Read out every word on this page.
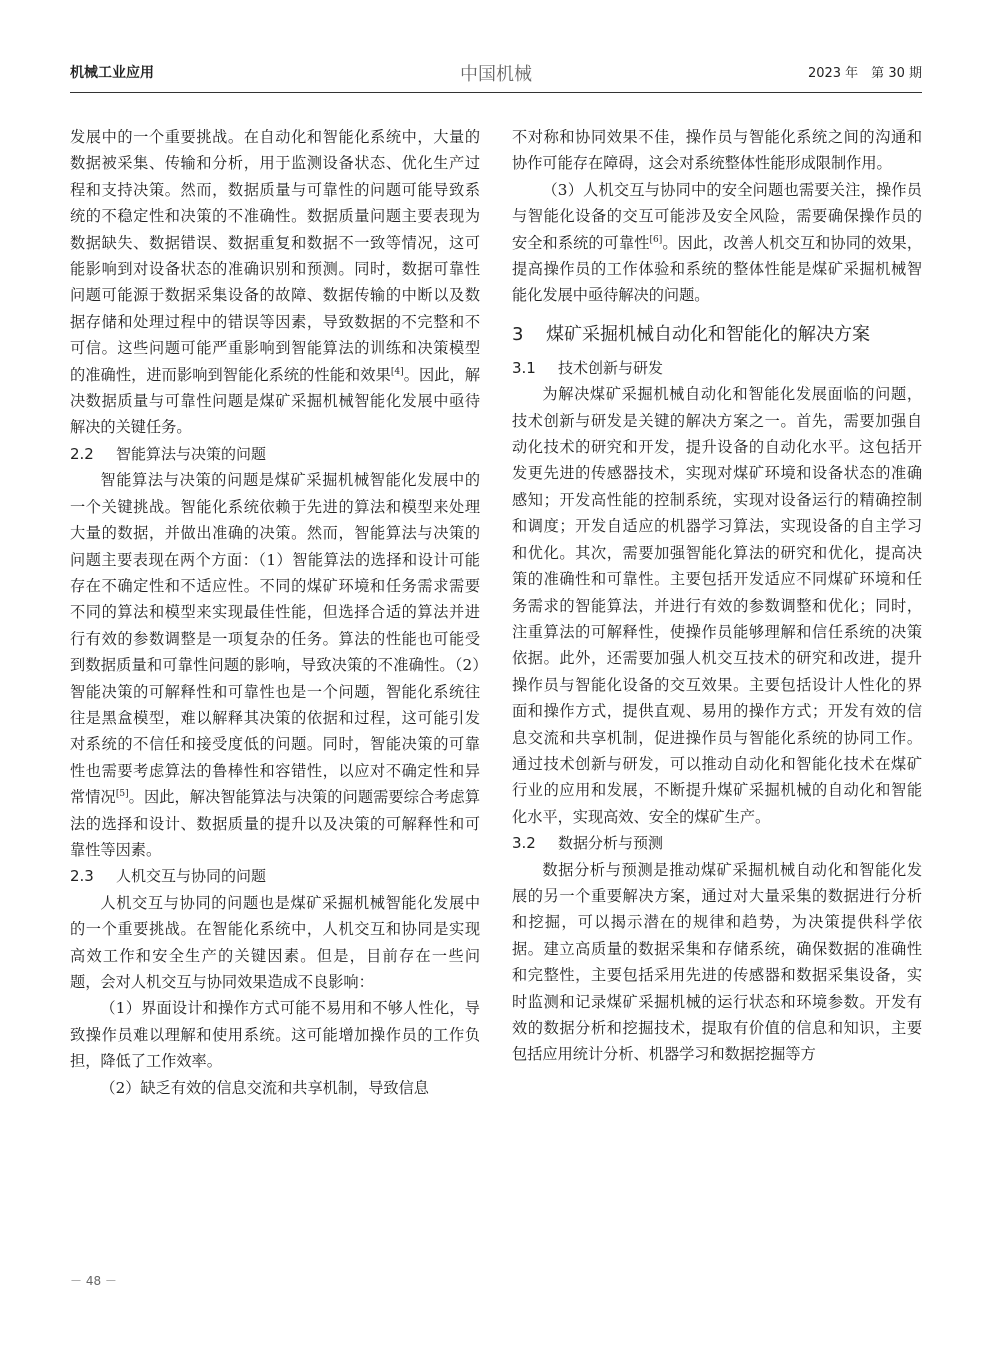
机械工业应用	中国机械	2023 年　第 30 期

发展中的一个重要挑战。在自动化和智能化系统中，大量的数据被采集、传输和分析，用于监测设备状态、优化生产过程和支持决策。然而，数据质量与可靠性的问题可能导致系统的不稳定性和决策的不准确性。数据质量问题主要表现为数据缺失、数据错误、数据重复和数据不一致等情况，这可能影响到对设备状态的准确识别和预测。同时，数据可靠性问题可能源于数据采集设备的故障、数据传输的中断以及数据存储和处理过程中的错误等因素，导致数据的不完整和不可信。这些问题可能严重影响到智能算法的训练和决策模型的准确性，进而影响到智能化系统的性能和效果[4]。因此，解决数据质量与可靠性问题是煤矿采掘机械智能化发展中亟待解决的关键任务。

2.2 智能算法与决策的问题

智能算法与决策的问题是煤矿采掘机械智能化发展中的一个关键挑战。智能化系统依赖于先进的算法和模型来处理大量的数据，并做出准确的决策。然而，智能算法与决策的问题主要表现在两个方面：（1）智能算法的选择和设计可能存在不确定性和不适应性。不同的煤矿环境和任务需求需要不同的算法和模型来实现最佳性能，但选择合适的算法并进行有效的参数调整是一项复杂的任务。算法的性能也可能受到数据质量和可靠性问题的影响，导致决策的不准确性。（2）智能决策的可解释性和可靠性也是一个问题，智能化系统往往是黑盒模型，难以解释其决策的依据和过程，这可能引发对系统的不信任和接受度低的问题。同时，智能决策的可靠性也需要考虑算法的鲁棒性和容错性，以应对不确定性和异常情况[5]。因此，解决智能算法与决策的问题需要综合考虑算法的选择和设计、数据质量的提升以及决策的可解释性和可靠性等因素。

2.3 人机交互与协同的问题

人机交互与协同的问题也是煤矿采掘机械智能化发展中的一个重要挑战。在智能化系统中，人机交互和协同是实现高效工作和安全生产的关键因素。但是，目前存在一些问题，会对人机交互与协同效果造成不良影响：

（1）界面设计和操作方式可能不易用和不够人性化，导致操作员难以理解和使用系统。这可能增加操作员的工作负担，降低了工作效率。

（2）缺乏有效的信息交流和共享机制，导致信息

不对称和协同效果不佳，操作员与智能化系统之间的沟通和协作可能存在障碍，这会对系统整体性能形成限制作用。

（3）人机交互与协同中的安全问题也需要关注，操作员与智能化设备的交互可能涉及安全风险，需要确保操作员的安全和系统的可靠性[6]。因此，改善人机交互和协同的效果，提高操作员的工作体验和系统的整体性能是煤矿采掘机械智能化发展中亟待解决的问题。

3 煤矿采掘机械自动化和智能化的解决方案
3.1 技术创新与研发

为解决煤矿采掘机械自动化和智能化发展面临的问题，技术创新与研发是关键的解决方案之一。首先，需要加强自动化技术的研究和开发，提升设备的自动化水平。这包括开发更先进的传感器技术，实现对煤矿环境和设备状态的准确感知；开发高性能的控制系统，实现对设备运行的精确控制和调度；开发自适应的机器学习算法，实现设备的自主学习和优化。其次，需要加强智能化算法的研究和优化，提高决策的准确性和可靠性。主要包括开发适应不同煤矿环境和任务需求的智能算法，并进行有效的参数调整和优化；同时，注重算法的可解释性，使操作员能够理解和信任系统的决策依据。此外，还需要加强人机交互技术的研究和改进，提升操作员与智能化设备的交互效果。主要包括设计人性化的界面和操作方式，提供直观、易用的操作方式；开发有效的信息交流和共享机制，促进操作员与智能化系统的协同工作。通过技术创新与研发，可以推动自动化和智能化技术在煤矿行业的应用和发展，不断提升煤矿采掘机械的自动化和智能化水平，实现高效、安全的煤矿生产。

3.2 数据分析与预测

数据分析与预测是推动煤矿采掘机械自动化和智能化发展的另一个重要解决方案，通过对大量采集的数据进行分析和挖掘，可以揭示潜在的规律和趋势，为决策提供科学依据。建立高质量的数据采集和存储系统，确保数据的准确性和完整性，主要包括采用先进的传感器和数据采集设备，实时监测和记录煤矿采掘机械的运行状态和环境参数。开发有效的数据分析和挖掘技术，提取有价值的信息和知识，主要包括应用统计分析、机器学习和数据挖掘等方

－ 48 －
